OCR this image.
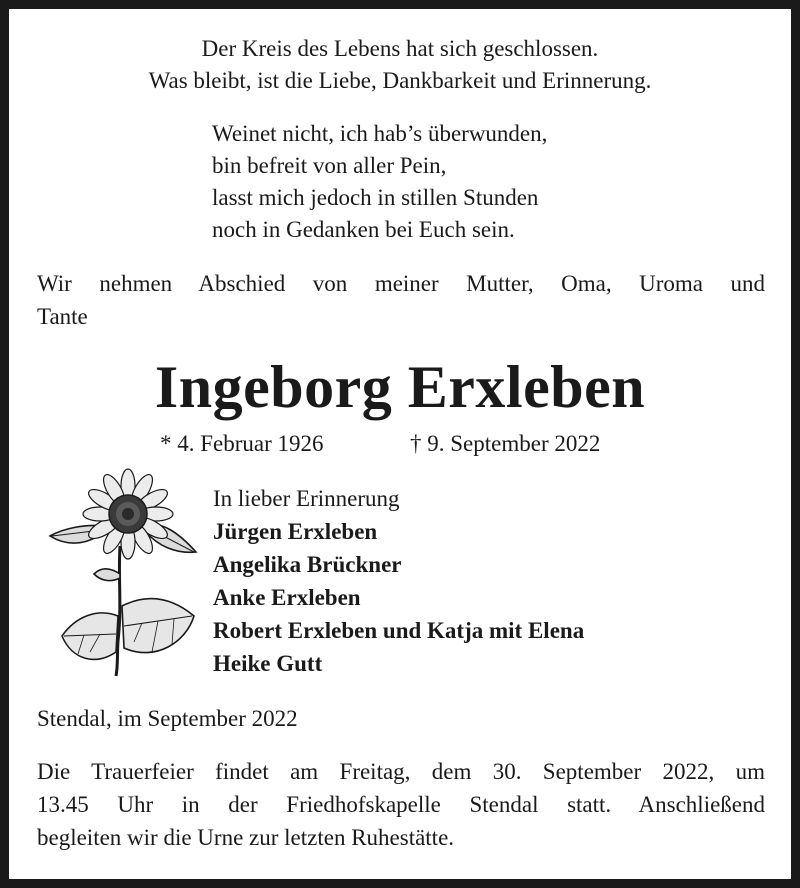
Der Kreis des Lebens hat sich geschlossen.
Was bleibt, ist die Liebe, Dankbarkeit und Erinnerung.
Weinet nicht, ich hab’s überwunden,
bin befreit von aller Pein,
lasst mich jedoch in stillen Stunden
noch in Gedanken bei Euch sein.
Wir nehmen Abschied von meiner Mutter, Oma, Uroma und
Tante
Ingeborg Erxleben
* 4. Februar 1926	† 9. September 2022
In lieber Erinnerung
Jürgen Erxleben
Angelika Brückner
Anke Erxleben
Robert Erxleben und Katja mit Elena
Heike Gutt
Stendal, im September 2022
Die Trauerfeier findet am Freitag, dem 30. September 2022, um
13.45 Uhr in der Friedhofskapelle Stendal statt. Anschließend
begleiten wir die Urne zur letzten Ruhestätte.
